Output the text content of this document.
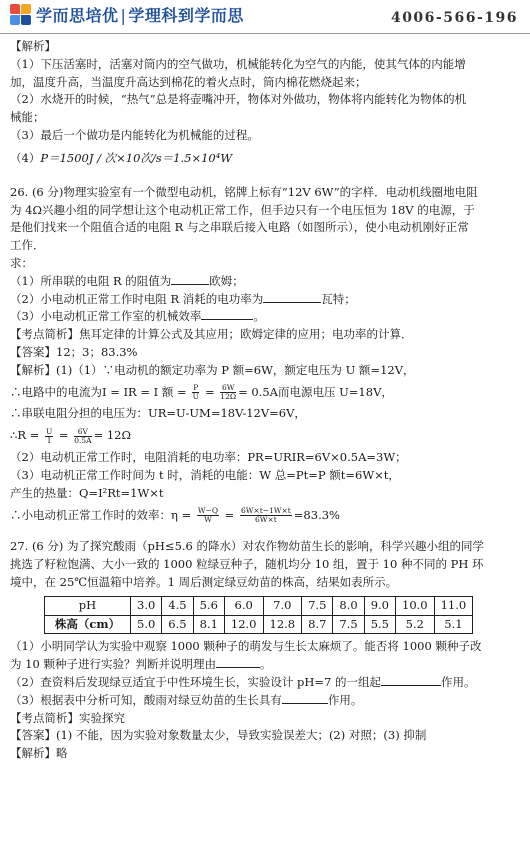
学而思培优 | 学理科到学而思	4006-566-196

【解析】

（1）下压活塞时，活塞对筒内的空气做功，机械能转化为空气的内能，使其气体的内能增

加，温度升高，当温度升高达到棉花的着火点时，筒内棉花燃烧起来；

（2）水烧开的时候，“热气”总是将壶嘴冲开，物体对外做功，物体将内能转化为物体的机

械能；

（3）最后一个做功是内能转化为机械能的过程。

（4）P＝1500J / 次×10次/s＝1.5×10⁴W

26. (6 分)物理实验室有一个微型电动机，铭牌上标有“12V 6W”的字样．电动机线圈地电阻

为 4Ω兴趣小组的同学想让这个电动机正常工作，但手边只有一个电压恒为 18V 的电源，于

是他们找来一个阻值合适的电阻 R 与之串联后接入电路（如图所示），使小电动机刚好正常

工作．

求：

（1）所串联的电阻 R 的阻值为	欧姆；

（2）小电动机正常工作时电阻 R 消耗的电功率为	瓦特；

（3）小电动机正常工作室的机械效率	。

【考点简析】焦耳定律的计算公式及其应用；欧姆定律的应用；电功率的计算．

【答案】12；3；83.3%

【解析】(1)（1）∵电动机的额定功率为 P 额=6W，额定电压为 U 额=12V，

∴电路中的电流为I = IR = I 额 = $\frac{P}{U} = \frac{6W}{12\Omega} = 0.5A$而电源电压 U=18V，

∴串联电阻分担的电压为：UR=U-UM=18V-12V=6V，

∴R = $\frac{U}{I} = \frac{6V}{0.5A} = 12\Omega$

（2）电动机正常工作时，电阻消耗的电功率：PR=URIR=6V×0.5A=3W；

（3）电动机正常工作时间为 t 时，消耗的电能：W 总=Pt=P 额t=6W×t，

产生的热量：Q=I²Rt=1W×t

∴小电动机正常工作时的效率：$\eta = \frac{W-Q}{W} = \frac{6W\times t-1W\times t}{6W\times t} =83.3\%$

27. (6 分) 为了探究酸雨（pH≤5.6 的降水）对农作物幼苗生长的影响，科学兴趣小组的同学

挑选了籽粒饱满、大小一致的 1000 粒绿豆种子，随机均分 10 组，置于 10 种不同的 PH 环

境中，在 25℃恒温箱中培养。1 周后测定绿豆幼苗的株高，结果如表所示。

pH	3.0	4.5	5.6	6.0	7.0	7.5	8.0	9.0	10.0	11.0
株高（cm）	5.0	6.5	8.1	12.0	12.8	8.7	7.5	5.5	5.2	5.1

（1）小明同学认为实验中观察 1000 颗种子的萌发与生长太麻烦了。能否将 1000 颗种子改

为 10 颗种子进行实验？判断并说明理由	。

（2）查资料后发现绿豆适宜于中性环境生长，实验设计 pH=7 的一组起	作用。

（3）根据表中分析可知，酸雨对绿豆幼苗的生长具有	作用。

【考点简析】实验探究

【答案】(1) 不能，因为实验对象数量太少，导致实验误差大；(2) 对照；(3) 抑制

【解析】略
